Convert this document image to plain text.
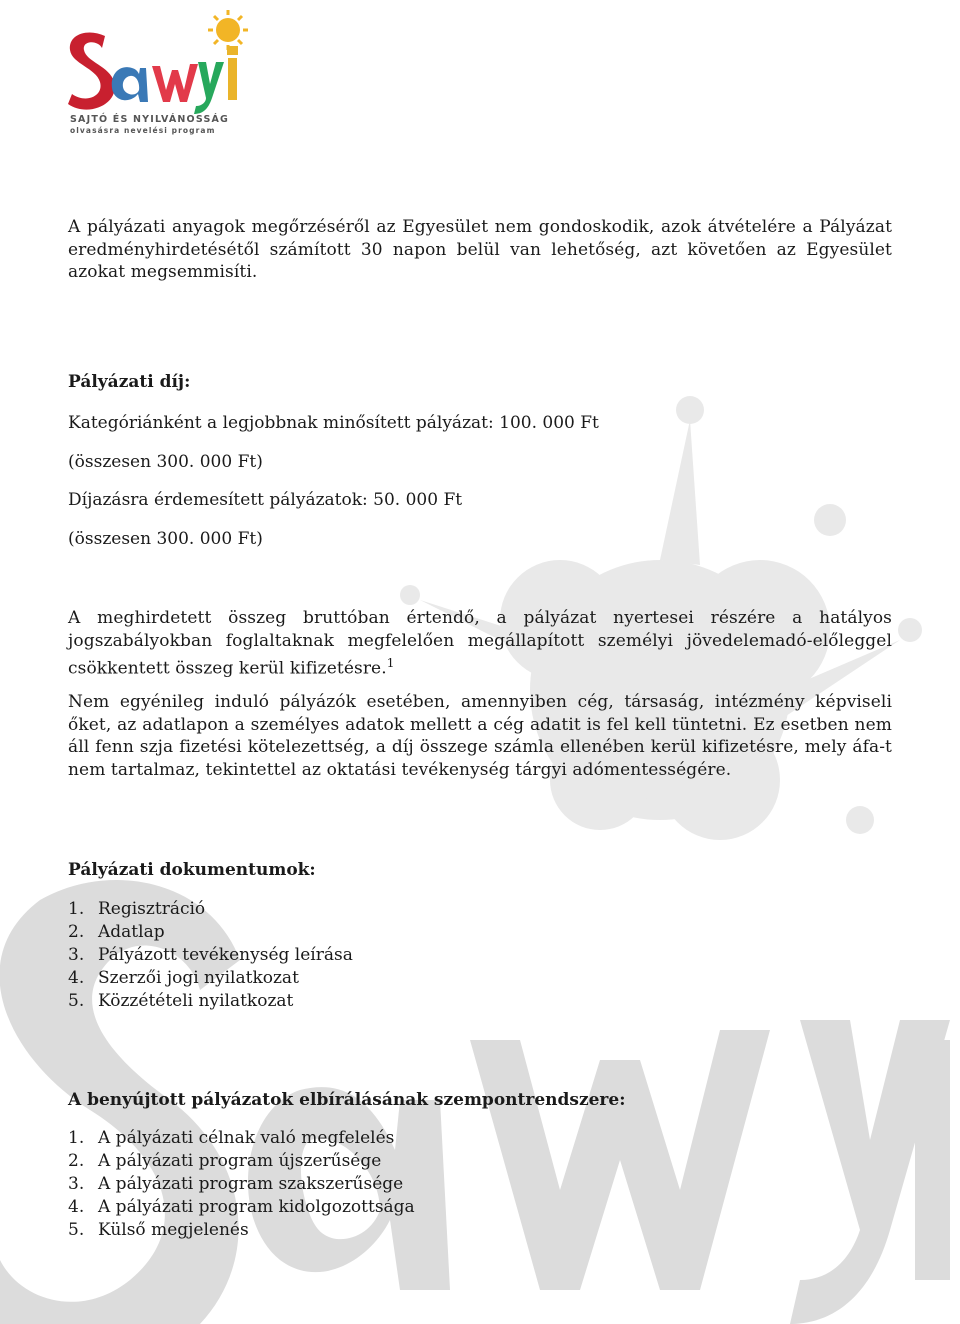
SAJTÓ ÉS NYILVÁNOSSÁG
olvasásra nevelési program

A pályázati anyagok megőrzéséről az Egyesület nem gondoskodik, azok átvételére a Pályázat eredményhirdetésétől számított 30 napon belül van lehetőség, azt követően az Egyesület azokat megsemmisíti.

Pályázati díj:

Kategóriánként a legjobbnak minősített pályázat: 100. 000 Ft

(összesen 300. 000 Ft)

Díjazásra érdemesített pályázatok: 50. 000 Ft

(összesen 300. 000 Ft)

A meghirdetett összeg bruttóban értendő, a pályázat nyertesei részére a hatályos jogszabályokban foglaltaknak megfelelően megállapított személyi jövedelemadó-előleggel csökkentett összeg kerül kifizetésre.$^1$

Nem egyénileg induló pályázók esetében, amennyiben cég, társaság, intézmény képviseli őket, az adatlapon a személyes adatok mellett a cég adatit is fel kell tüntetni. Ez esetben nem áll fenn szja fizetési kötelezettség, a díj összege számla ellenében kerül kifizetésre, mely áfa-t nem tartalmaz, tekintettel az oktatási tevékenység tárgyi adómentességére.

Pályázati dokumentumok:

1. Regisztráció
2. Adatlap
3. Pályázott tevékenység leírása
4. Szerzői jogi nyilatkozat
5. Közzétételi nyilatkozat

A benyújtott pályázatok elbírálásának szempontrendszere:

1. A pályázati célnak való megfelelés
2. A pályázati program újszerűsége
3. A pályázati program szakszerűsége
4. A pályázati program kidolgozottsága
5. Külső megjelenés
